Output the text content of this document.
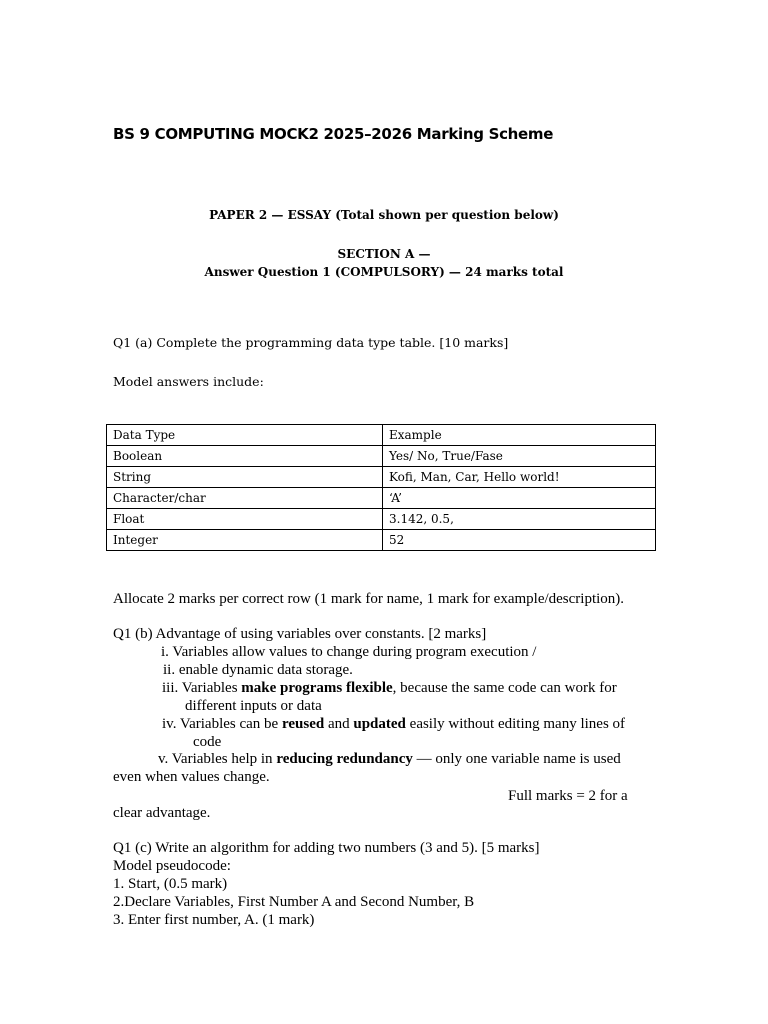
BS 9 COMPUTING MOCK2 2025–2026 Marking Scheme
PAPER 2 — ESSAY (Total shown per question below)
SECTION A —
Answer Question 1 (COMPULSORY) — 24 marks total
Q1 (a) Complete the programming data type table. [10 marks]
Model answers include:
Data Type	Example
Boolean	Yes/ No, True/Fase
String	Kofi, Man, Car, Hello world!
Character/char	‘A’
Float	3.142, 0.5,
Integer	52
Allocate 2 marks per correct row (1 mark for name, 1 mark for example/description).
Q1 (b) Advantage of using variables over constants. [2 marks]
i. Variables allow values to change during program execution /
ii. enable dynamic data storage.
iii. Variables make programs flexible, because the same code can work for
different inputs or data
iv. Variables can be reused and updated easily without editing many lines of
code
v. Variables help in reducing redundancy — only one variable name is used
even when values change.
Full marks = 2 for a
clear advantage.
Q1 (c) Write an algorithm for adding two numbers (3 and 5). [5 marks]
Model pseudocode:
1. Start, (0.5 mark)
2.Declare Variables, First Number A and Second Number, B
3. Enter first number, A. (1 mark)
